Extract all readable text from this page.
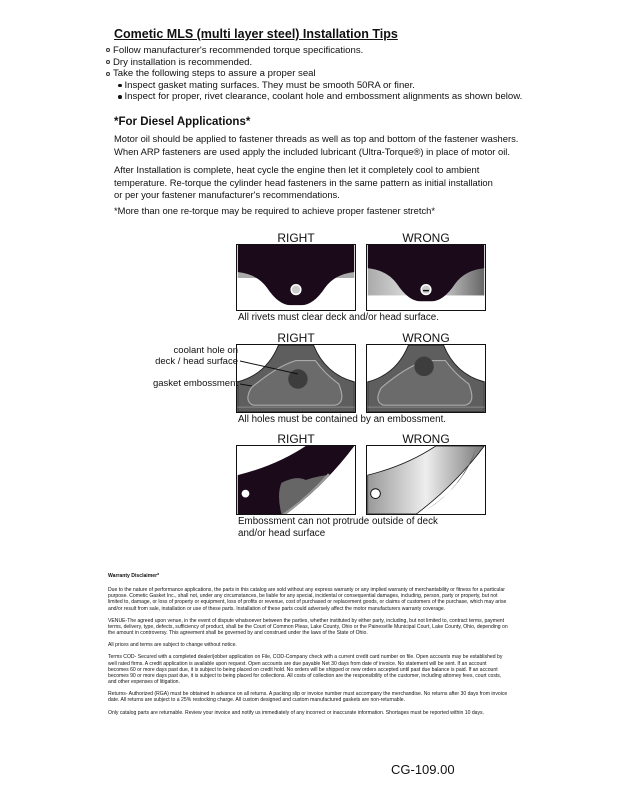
Cometic MLS (multi layer steel) Installation Tips
Follow manufacturer's recommended torque specifications.
Dry installation is recommended.
Take the following steps to assure a proper seal
Inspect gasket mating surfaces. They must be smooth 50RA or finer.
Inspect for proper, rivet clearance, coolant hole and embossment alignments as shown below.
*For Diesel Applications*
Motor oil should be applied to fastener threads as well as top and bottom of the fastener washers.
When ARP fasteners are used apply the included lubricant (Ultra-Torque®) in place of motor oil.
After Installation is complete, heat cycle the engine then let it completely cool to ambient
temperature. Re-torque the cylinder head fasteners in the same pattern as initial installation
or per your fastener manufacturer's recommendations.
*More than one re-torque may be required to achieve proper fastener stretch*
RIGHT	WRONG
All rivets must clear deck and/or head surface.
RIGHT	WRONG
coolant hole on
deck / head surface
gasket embossment
All holes must be contained by an embossment.
RIGHT	WRONG
Embossment can not protrude outside of deck
and/or head surface

Warranty Disclaimer*

Due to the nature of performance applications, the parts in this catalog are sold without any express warranty or any implied warranty of merchantability or fitness for a particular purpose. Cometic Gasket Inc., shall not, under any circumstances, be liable for any special, incidental or consequential damages, including, person, party or property, but not limited to, damage, or loss of property or equipment, loss of profits or revenue, cost of purchased or replacement goods, or claims of customers of the purchase, which may arise and/or result from sale, installation or use of these parts. Installation of these parts could adversely affect the motor manufacturers warranty coverage.

VENUE-The agreed upon venue, in the event of dispute whatsoever between the parties, whether instituted by either party, including, but not limited to, contract terms, payment terms, delivery, type, defects, sufficiency of product, shall be the Court of Common Pleas, Lake County, Ohio or the Painesville Municipal Court, Lake County, Ohio, depending on the amount in controversy. This agreement shall be governed by and construed under the laws of the State of Ohio.

All prices and terms are subject to change without notice.

Terms COD- Secured with a completed dealer/jobber application on File, COD-Company check with a current credit card number on file. Open accounts may be established by well rated firms. A credit application is available upon request. Open accounts are due payable Net 30 days from date of invoice. No statement will be sent. If an account becomes 60 or more days past due, it is subject to being placed on credit hold. No orders will be shipped or new orders accepted until past due balance is paid. If an account becomes 90 or more days past due, it is subject to being placed for collections. All costs of collection are the responsibility of the customer, including attorney fees, court costs, and other expenses of litigation.

Returns- Authorized (RGA) must be obtained in advance on all returns. A packing slip or invoice number must accompany the merchandise. No returns after 30 days from invoice date. All returns are subject to a 25% restocking charge. All custom designed and custom manufactured gaskets are non-returnable.

Only catalog parts are returnable. Review your invoice and notify us immediately of any incorrect or inaccurate information. Shortages must be reported within 10 days.

CG-109.00
